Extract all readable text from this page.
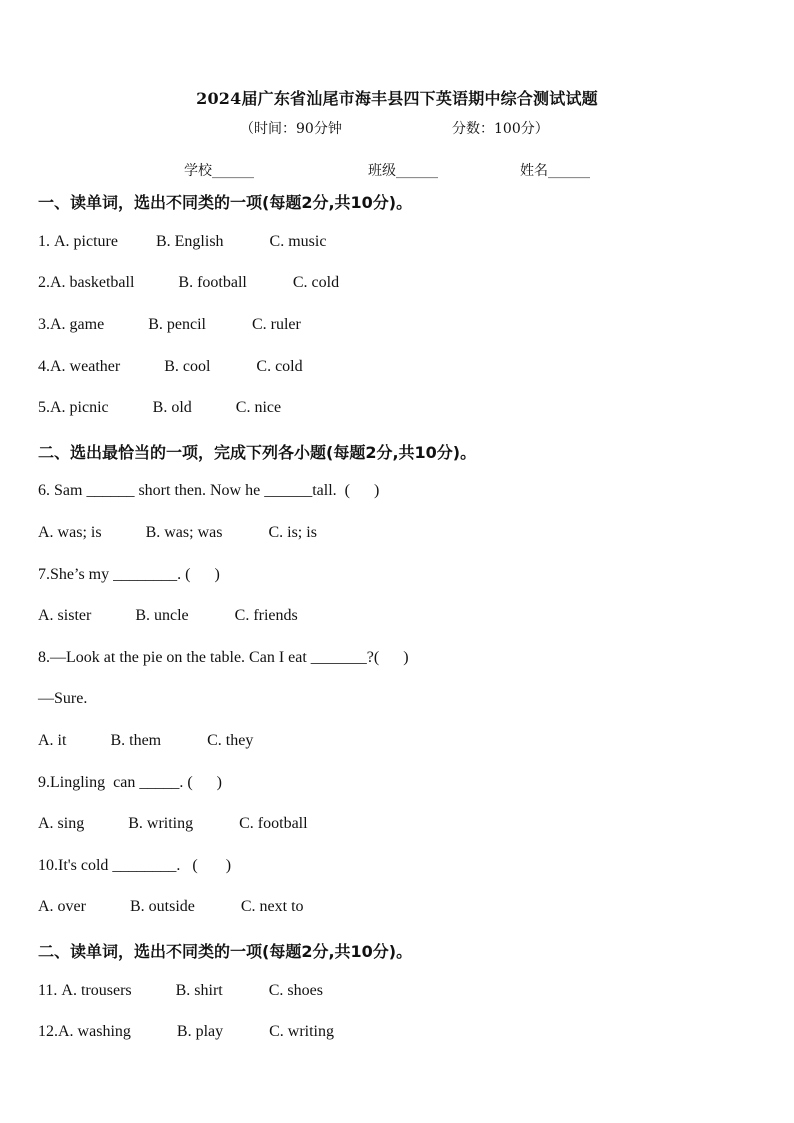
2024届广东省汕尾市海丰县四下英语期中综合测试试题
（时间：90分钟	分数：100分）
学校______	班级______	姓名______
一、读单词，选出不同类的一项(每题2分,共10分)。
1. A. picture B. English	C. music
2.A. basketball	B. football	C. cold
3.A. game	B. pencil	C. ruler
4.A. weather	B. cool	C. cold
5.A. picnic	B. old	C. nice
二、选出最恰当的一项，完成下列各小题(每题2分,共10分)。
6. Sam ______ short then. Now he ______tall.  (      )
A. was; is	B. was; was	C. is; is
7.She’s my ________. (      )
A. sister	B. uncle	C. friends
8.—Look at the pie on the table. Can I eat _______?(      )
—Sure.
A. it	B. them	C. they
9.Lingling  can _____. (      )
A. sing	B. writing	C. football
10.It's cold ________.   (       )
A. over	B. outside	C. next to
二、读单词，选出不同类的一项(每题2分,共10分)。
11. A. trousers	B. shirt	C. shoes
12.A. washing	B. play	C. writing
